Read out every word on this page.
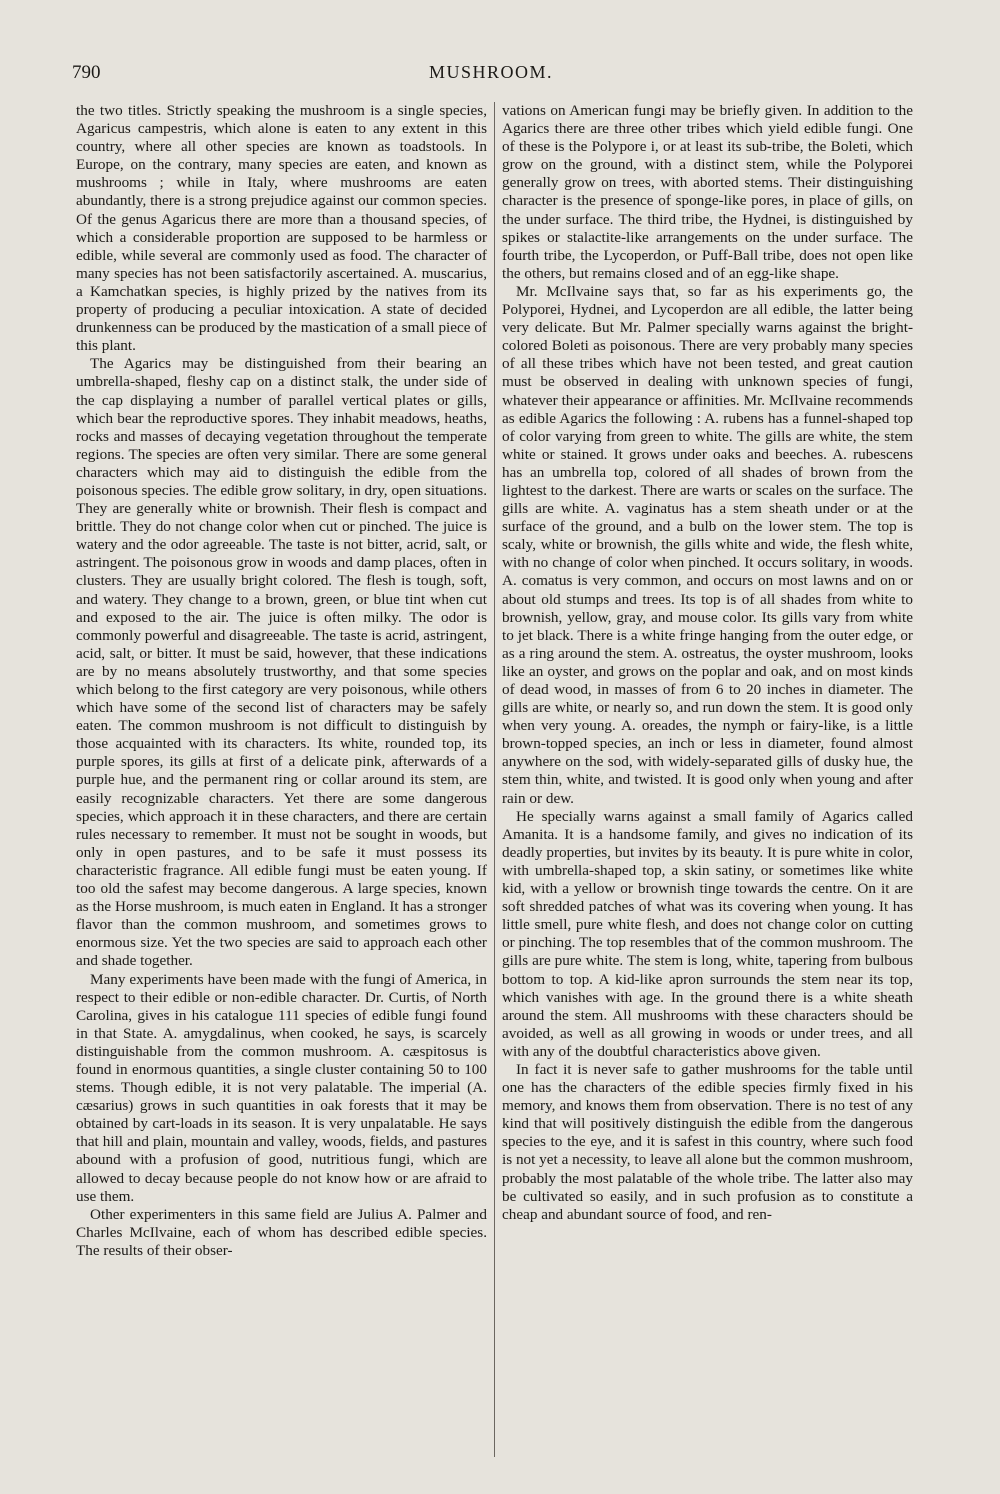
790	MUSHROOM.

the two titles. Strictly speaking the mushroom is a single species, Agaricus campestris, which alone is eaten to any extent in this country, where all other species are known as toadstools. In Europe, on the contrary, many species are eaten, and known as mushrooms ; while in Italy, where mushrooms are eaten abundantly, there is a strong prejudice against our common species. Of the genus Agaricus there are more than a thousand species, of which a considerable proportion are supposed to be harmless or edible, while several are commonly used as food. The character of many species has not been satisfactorily ascertained. A. muscarius, a Kamchatkan species, is highly prized by the natives from its property of producing a peculiar intoxication. A state of decided drunkenness can be produced by the mastication of a small piece of this plant.

The Agarics may be distinguished from their bearing an umbrella-shaped, fleshy cap on a distinct stalk, the under side of the cap displaying a number of parallel vertical plates or gills, which bear the reproductive spores. They inhabit meadows, heaths, rocks and masses of decaying vegetation throughout the temperate regions. The species are often very similar. There are some general characters which may aid to distinguish the edible from the poisonous species. The edible grow solitary, in dry, open situations. They are generally white or brownish. Their flesh is compact and brittle. They do not change color when cut or pinched. The juice is watery and the odor agreeable. The taste is not bitter, acrid, salt, or astringent. The poisonous grow in woods and damp places, often in clusters. They are usually bright colored. The flesh is tough, soft, and watery. They change to a brown, green, or blue tint when cut and exposed to the air. The juice is often milky. The odor is commonly powerful and disagreeable. The taste is acrid, astringent, acid, salt, or bitter. It must be said, however, that these indications are by no means absolutely trustworthy, and that some species which belong to the first category are very poisonous, while others which have some of the second list of characters may be safely eaten. The common mushroom is not difficult to distinguish by those acquainted with its characters. Its white, rounded top, its purple spores, its gills at first of a delicate pink, afterwards of a purple hue, and the permanent ring or collar around its stem, are easily recognizable characters. Yet there are some dangerous species, which approach it in these characters, and there are certain rules necessary to remember. It must not be sought in woods, but only in open pastures, and to be safe it must possess its characteristic fragrance. All edible fungi must be eaten young. If too old the safest may become dangerous. A large species, known as the Horse mushroom, is much eaten in England. It has a stronger flavor than the common mushroom, and sometimes grows to enormous size. Yet the two species are said to approach each other and shade together.

Many experiments have been made with the fungi of America, in respect to their edible or non-edible character. Dr. Curtis, of North Carolina, gives in his catalogue 111 species of edible fungi found in that State. A. amygdalinus, when cooked, he says, is scarcely distinguishable from the common mushroom. A. cæspitosus is found in enormous quantities, a single cluster containing 50 to 100 stems. Though edible, it is not very palatable. The imperial (A. cæsarius) grows in such quantities in oak forests that it may be obtained by cart-loads in its season. It is very unpalatable. He says that hill and plain, mountain and valley, woods, fields, and pastures abound with a profusion of good, nutritious fungi, which are allowed to decay because people do not know how or are afraid to use them.

Other experimenters in this same field are Julius A. Palmer and Charles McIlvaine, each of whom has described edible species. The results of their obser-

vations on American fungi may be briefly given. In addition to the Agarics there are three other tribes which yield edible fungi. One of these is the Polypore i, or at least its sub-tribe, the Boleti, which grow on the ground, with a distinct stem, while the Polyporei generally grow on trees, with aborted stems. Their distinguishing character is the presence of sponge-like pores, in place of gills, on the under surface. The third tribe, the Hydnei, is distinguished by spikes or stalactite-like arrangements on the under surface. The fourth tribe, the Lycoperdon, or Puff-Ball tribe, does not open like the others, but remains closed and of an egg-like shape.

Mr. McIlvaine says that, so far as his experiments go, the Polyporei, Hydnei, and Lycoperdon are all edible, the latter being very delicate. But Mr. Palmer specially warns against the bright-colored Boleti as poisonous. There are very probably many species of all these tribes which have not been tested, and great caution must be observed in dealing with unknown species of fungi, whatever their appearance or affinities. Mr. McIlvaine recommends as edible Agarics the following : A. rubens has a funnel-shaped top of color varying from green to white. The gills are white, the stem white or stained. It grows under oaks and beeches. A. rubescens has an umbrella top, colored of all shades of brown from the lightest to the darkest. There are warts or scales on the surface. The gills are white. A. vaginatus has a stem sheath under or at the surface of the ground, and a bulb on the lower stem. The top is scaly, white or brownish, the gills white and wide, the flesh white, with no change of color when pinched. It occurs solitary, in woods. A. comatus is very common, and occurs on most lawns and on or about old stumps and trees. Its top is of all shades from white to brownish, yellow, gray, and mouse color. Its gills vary from white to jet black. There is a white fringe hanging from the outer edge, or as a ring around the stem. A. ostreatus, the oyster mushroom, looks like an oyster, and grows on the poplar and oak, and on most kinds of dead wood, in masses of from 6 to 20 inches in diameter. The gills are white, or nearly so, and run down the stem. It is good only when very young. A. oreades, the nymph or fairy-like, is a little brown-topped species, an inch or less in diameter, found almost anywhere on the sod, with widely-separated gills of dusky hue, the stem thin, white, and twisted. It is good only when young and after rain or dew.

He specially warns against a small family of Agarics called Amanita. It is a handsome family, and gives no indication of its deadly properties, but invites by its beauty. It is pure white in color, with umbrella-shaped top, a skin satiny, or sometimes like white kid, with a yellow or brownish tinge towards the centre. On it are soft shredded patches of what was its covering when young. It has little smell, pure white flesh, and does not change color on cutting or pinching. The top resembles that of the common mushroom. The gills are pure white. The stem is long, white, tapering from bulbous bottom to top. A kid-like apron surrounds the stem near its top, which vanishes with age. In the ground there is a white sheath around the stem. All mushrooms with these characters should be avoided, as well as all growing in woods or under trees, and all with any of the doubtful characteristics above given.

In fact it is never safe to gather mushrooms for the table until one has the characters of the edible species firmly fixed in his memory, and knows them from observation. There is no test of any kind that will positively distinguish the edible from the dangerous species to the eye, and it is safest in this country, where such food is not yet a necessity, to leave all alone but the common mushroom, probably the most palatable of the whole tribe. The latter also may be cultivated so easily, and in such profusion as to constitute a cheap and abundant source of food, and ren-
